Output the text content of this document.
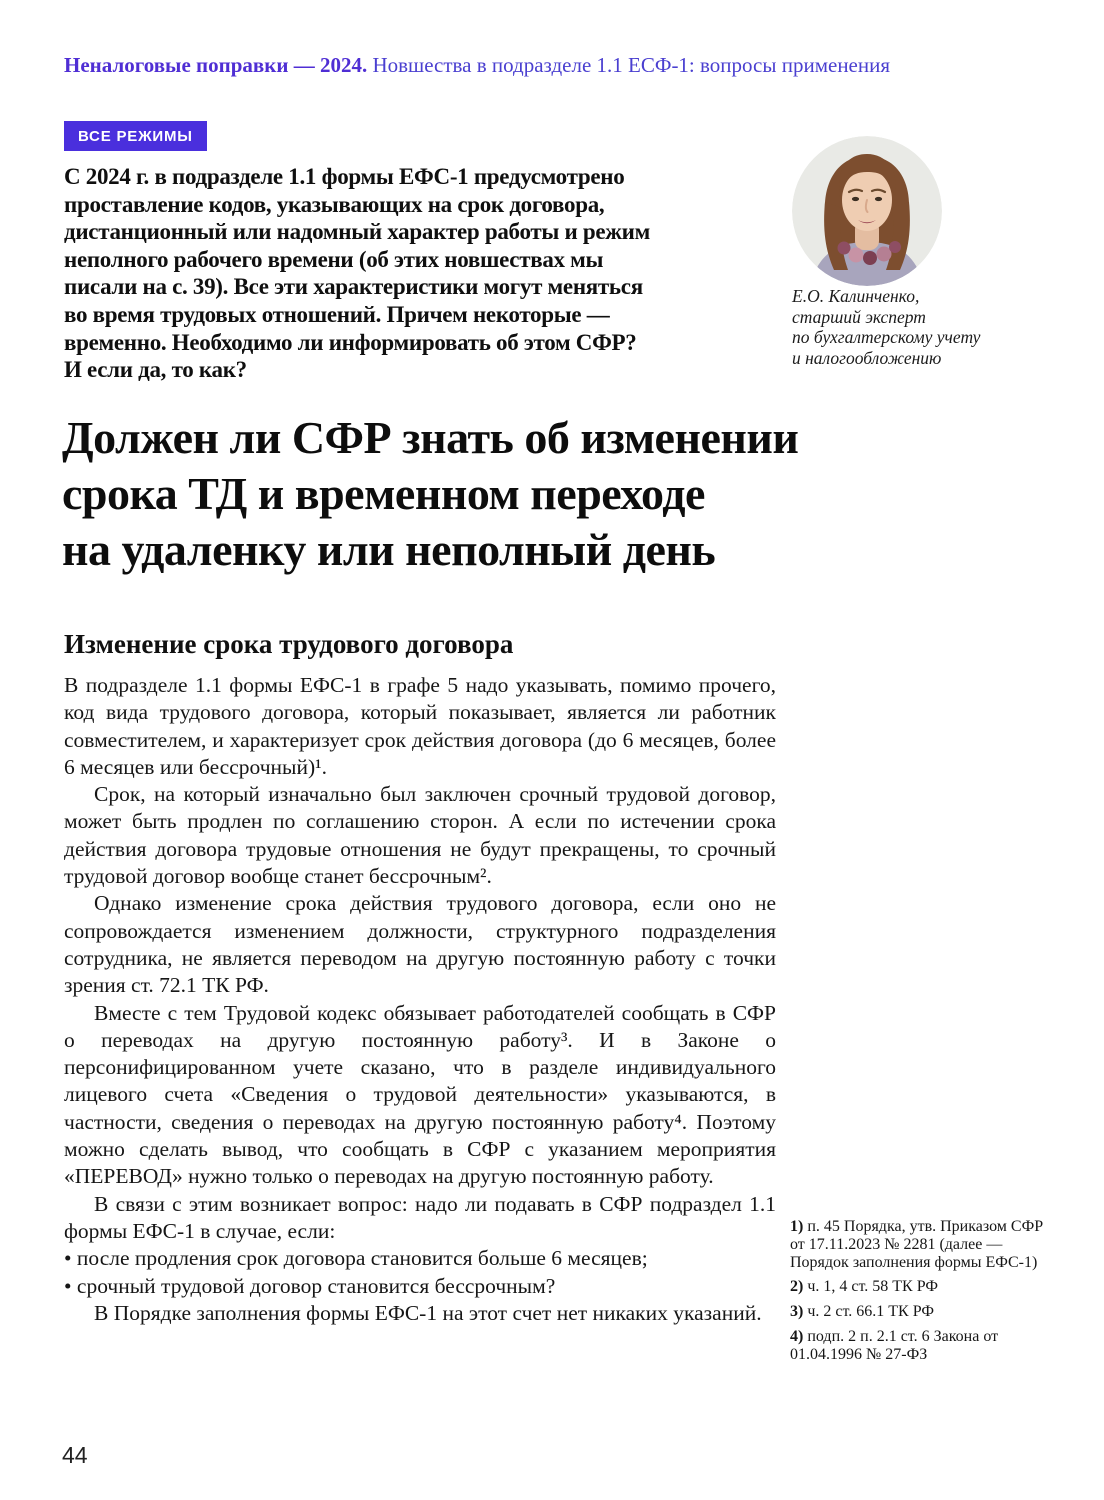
Неналоговые поправки — 2024. Новшества в подразделе 1.1 ЕСФ-1: вопросы применения
ВСЕ РЕЖИМЫ
С 2024 г. в подразделе 1.1 формы ЕФС-1 предусмотрено
проставление кодов, указывающих на срок договора,
дистанционный или надомный характер работы и режим
неполного рабочего времени (об этих новшествах мы
писали на с. 39). Все эти характеристики могут меняться
во время трудовых отношений. Причем некоторые —
временно. Необходимо ли информировать об этом СФР?
И если да, то как?
Е.О. Калинченко,
старший эксперт
по бухгалтерскому учету
и налогообложению
Должен ли СФР знать об изменении
срока ТД и временном переходе
на удаленку или неполный день
Изменение срока трудового договора

В подразделе 1.1 формы ЕФС-1 в графе 5 надо указывать, помимо прочего, код вида трудового договора, который показывает, является ли работник совместителем, и характеризует срок действия договора (до 6 месяцев, более 6 месяцев или бессрочный)¹.

Срок, на который изначально был заключен срочный трудовой договор, может быть продлен по соглашению сторон. А если по истечении срока действия договора трудовые отношения не будут прекращены, то срочный трудовой договор вообще станет бессрочным².

Однако изменение срока действия трудового договора, если оно не сопровождается изменением должности, структурного подразделения сотрудника, не является переводом на другую постоянную работу с точки зрения ст. 72.1 ТК РФ.

Вместе с тем Трудовой кодекс обязывает работодателей сообщать в СФР о переводах на другую постоянную работу³. И в Законе о персонифицированном учете сказано, что в разделе индивидуального лицевого счета «Сведения о трудовой деятельности» указываются, в частности, сведения о переводах на другую постоянную работу⁴. Поэтому можно сделать вывод, что сообщать в СФР с указанием мероприятия «ПЕРЕВОД» нужно только о переводах на другую постоянную работу.

В связи с этим возникает вопрос: надо ли подавать в СФР подраздел 1.1 формы ЕФС-1 в случае, если:

• после продления срок договора становится больше 6 месяцев;

• срочный трудовой договор становится бессрочным?

В Порядке заполнения формы ЕФС-1 на этот счет нет никаких указаний.

1) п. 45 Порядка, утв. Приказом СФР от 17.11.2023 № 2281 (далее — Порядок заполнения формы ЕФС-1)

2) ч. 1, 4 ст. 58 ТК РФ

3) ч. 2 ст. 66.1 ТК РФ

4) подп. 2 п. 2.1 ст. 6 Закона от 01.04.1996 № 27-ФЗ

44
